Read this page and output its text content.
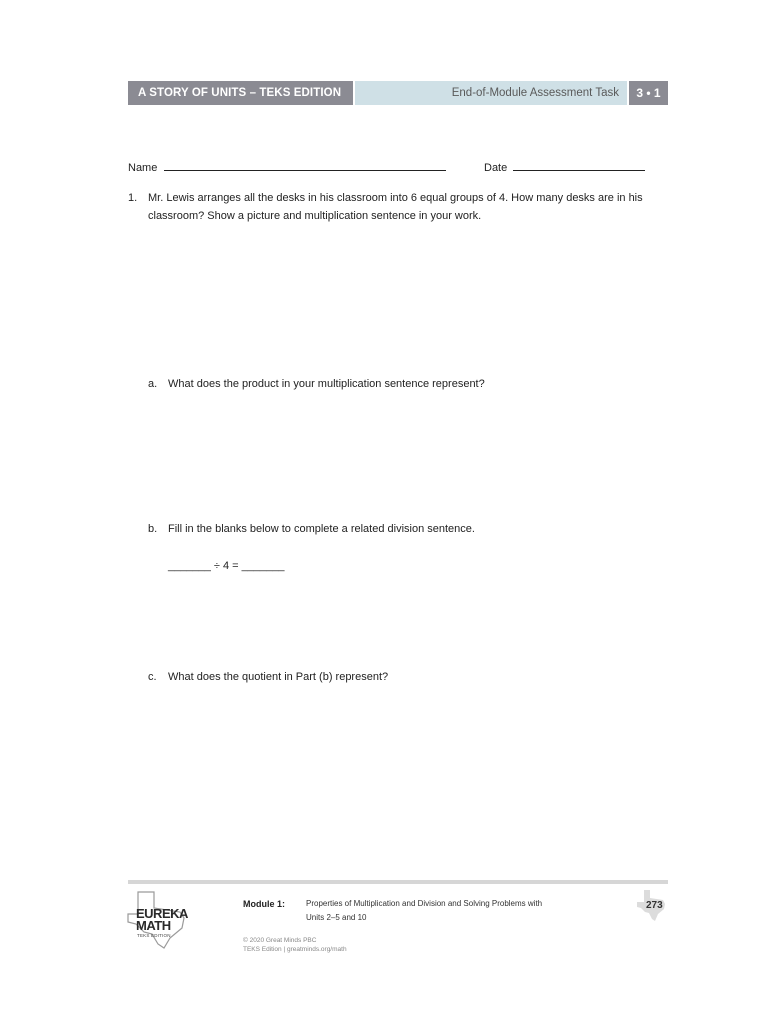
A STORY OF UNITS – TEKS EDITION	End-of-Module Assessment Task 3 • 1
Name	Date
1. Mr. Lewis arranges all the desks in his classroom into 6 equal groups of 4. How many desks are in his
classroom? Show a picture and multiplication sentence in your work.
a. What does the product in your multiplication sentence represent?
b. Fill in the blanks below to complete a related division sentence.
_______ ÷ 4 = _______
c. What does the quotient in Part (b) represent?
EUREKA
MATH
TEKS EDITION
Module 1:	Properties of Multiplication and Division and Solving Problems with
Units 2–5 and 10
© 2020 Great Minds PBC
TEKS Edition | greatminds.org/math
273
